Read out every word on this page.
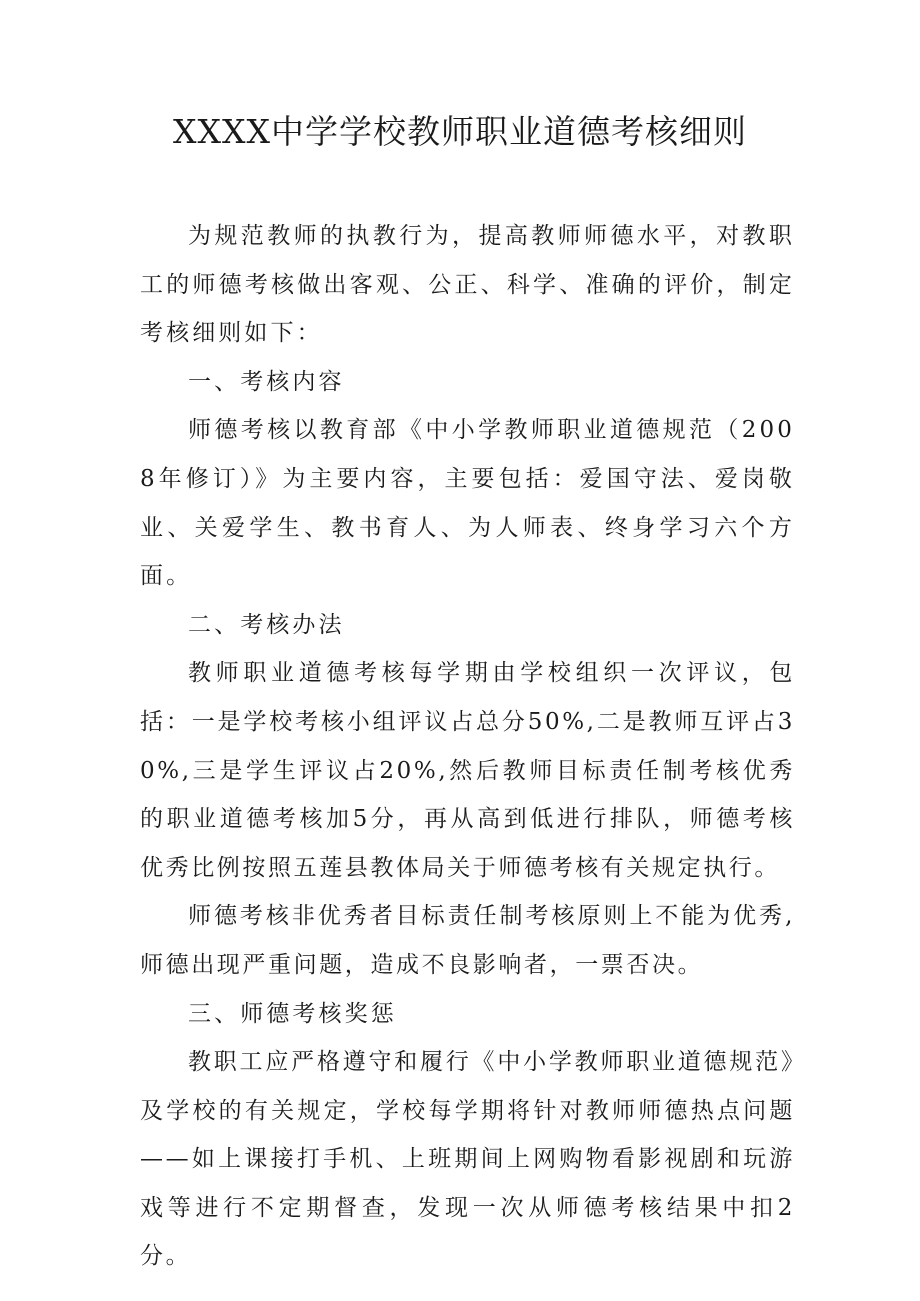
XXXX中学学校教师职业道德考核细则

为规范教师的执教行为，提高教师师德水平，对教职工的师德考核做出客观、公正、科学、准确的评价，制定考核细则如下：

一、考核内容

师德考核以教育部《中小学教师职业道德规范（2008年修订）》为主要内容，主要包括：爱国守法、爱岗敬业、关爱学生、教书育人、为人师表、终身学习六个方面。

二、考核办法

教师职业道德考核每学期由学校组织一次评议，包括：一是学校考核小组评议占总分50%,二是教师互评占30%,三是学生评议占20%,然后教师目标责任制考核优秀的职业道德考核加5分，再从高到低进行排队，师德考核优秀比例按照五莲县教体局关于师德考核有关规定执行。

师德考核非优秀者目标责任制考核原则上不能为优秀,师德出现严重问题，造成不良影响者，一票否决。

三、师德考核奖惩

教职工应严格遵守和履行《中小学教师职业道德规范》及学校的有关规定，学校每学期将针对教师师德热点问题——如上课接打手机、上班期间上网购物看影视剧和玩游戏等进行不定期督查，发现一次从师德考核结果中扣2分。
